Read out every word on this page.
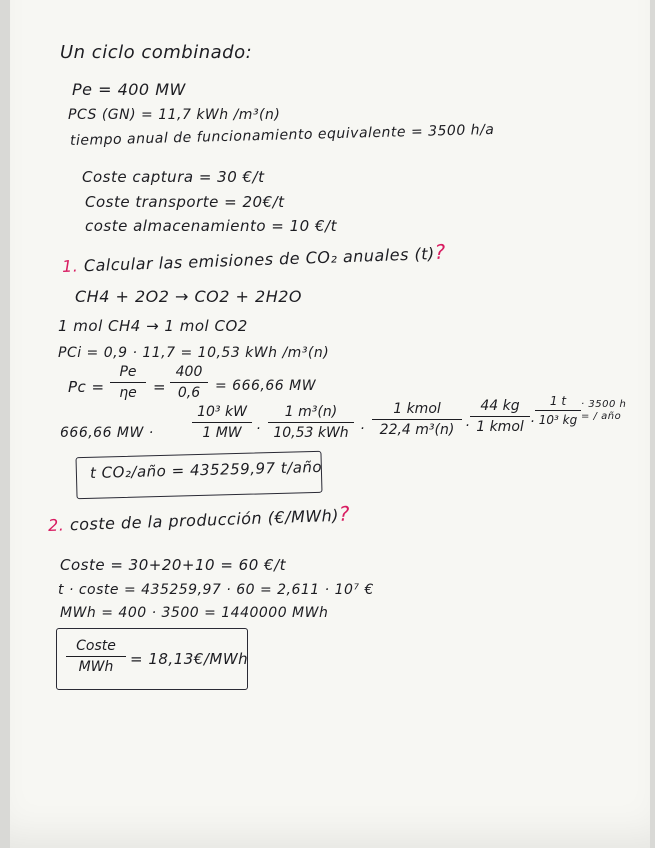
Un ciclo combinado:
Pe = 400 MW
PCS (GN) = 11,7 kWh /m³(n)
tiempo anual de funcionamiento equivalente = 3500 h/a
Coste captura = 30 €/t
Coste transporte = 20€/t
coste almacenamiento = 10 €/t
1. Calcular las emisiones de CO₂ anuales (t)?
CH4 + 2O2 → CO2 + 2H2O
1 mol CH4 → 1 mol CO2
PCi = 0,9 · 11,7 = 10,53 kWh /m³(n)
Pc =
Pe
ηe	=
400
0,6	= 666,66 MW
666,66 MW ·
10³ kW
1 MW	·
1 m³(n)
10,53 kWh ·
1 kmol
22,4 m³(n) ·
44 kg
1 kmol ·
1 t
10³ kg
· 3500 h = / año
t CO₂/año = 435259,97 t/año
2. coste de la producción (€/MWh)?
Coste = 30+20+10 = 60 €/t
t · coste = 435259,97 · 60 = 2,611 · 10⁷ €
MWh = 400 · 3500 = 1440000 MWh
Coste
MWh	= 18,13€/MWh
